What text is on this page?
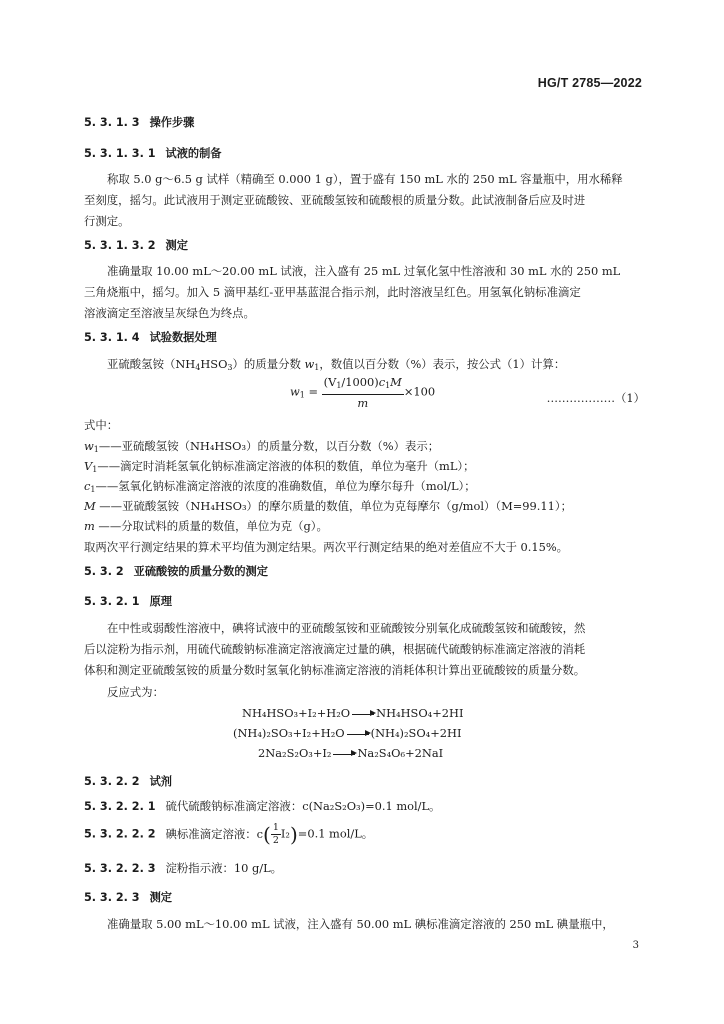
HG/T 2785—2022
5. 3. 1. 3 操作步骤
5. 3. 1. 3. 1 试液的制备
称取 5.0 g～6.5 g 试样（精确至 0.000 1 g），置于盛有 150 mL 水的 250 mL 容量瓶中，用水稀释
至刻度，摇匀。此试液用于测定亚硫酸铵、亚硫酸氢铵和硫酸根的质量分数。此试液制备后应及时进
行测定。
5. 3. 1. 3. 2 测定
准确量取 10.00 mL～20.00 mL 试液，注入盛有 25 mL 过氧化氢中性溶液和 30 mL 水的 250 mL
三角烧瓶中，摇匀。加入 5 滴甲基红-亚甲基蓝混合指示剂，此时溶液呈红色。用氢氧化钠标准滴定
溶液滴定至溶液呈灰绿色为终点。
5. 3. 1. 4 试验数据处理
亚硫酸氢铵$(NH_4HSO_3)$的质量分数 $w_1$，数值以百分数（%）表示，按公式（1）计算：
$w_1 = \frac{(V_1/1000)c_1M}{m} \times 100$	………………（1）
式中：
$w_1——$亚硫酸氢铵（NH₄HSO₃）的质量分数，以百分数（%）表示；
$V_1——$滴定时消耗氢氧化钠标准滴定溶液的体积的数值，单位为毫升（mL）；
$c_1——$氢氧化钠标准滴定溶液的浓度的准确数值，单位为摩尔每升（mol/L）；
M ——亚硫酸氢铵（NH₄HSO₃）的摩尔质量的数值，单位为克每摩尔（g/mol）（M=99.11）；
m ——分取试料的质量的数值，单位为克（g）。
取两次平行测定结果的算术平均值为测定结果。两次平行测定结果的绝对差值应不大于 0.15%。
5. 3. 2 亚硫酸铵的质量分数的测定
5. 3. 2. 1 原理
在中性或弱酸性溶液中，碘将试液中的亚硫酸氢铵和亚硫酸铵分别氧化成硫酸氢铵和硫酸铵，然
后以淀粉为指示剂，用硫代硫酸钠标准滴定溶液滴定过量的碘，根据硫代硫酸钠标准滴定溶液的消耗
体积和测定亚硫酸氢铵的质量分数时氢氧化钠标准滴定溶液的消耗体积计算出亚硫酸铵的质量分数。
反应式为：
NH₄HSO₃+I₂+H₂O → NH₄HSO₄+2HI
(NH₄)₂SO₃+I₂+H₂O → (NH₄)₂SO₄+2HI
2Na₂S₂O₃+I₂ → Na₂S₄O₆+2NaI
5. 3. 2. 2 试剂
5. 3. 2. 2. 1 硫代硫酸钠标准滴定溶液：c(Na₂S₂O₃)=0.1 mol/L。
5. 3. 2. 2. 2 碘标准滴定溶液：$c( \frac{1}{2} I_2)=0.1$ mol/L。
5. 3. 2. 2. 3 淀粉指示液：10 g/L。
5. 3. 2. 3 测定
准确量取 5.00 mL～10.00 mL 试液，注入盛有 50.00 mL 碘标准滴定溶液的 250 mL 碘量瓶中，
3
